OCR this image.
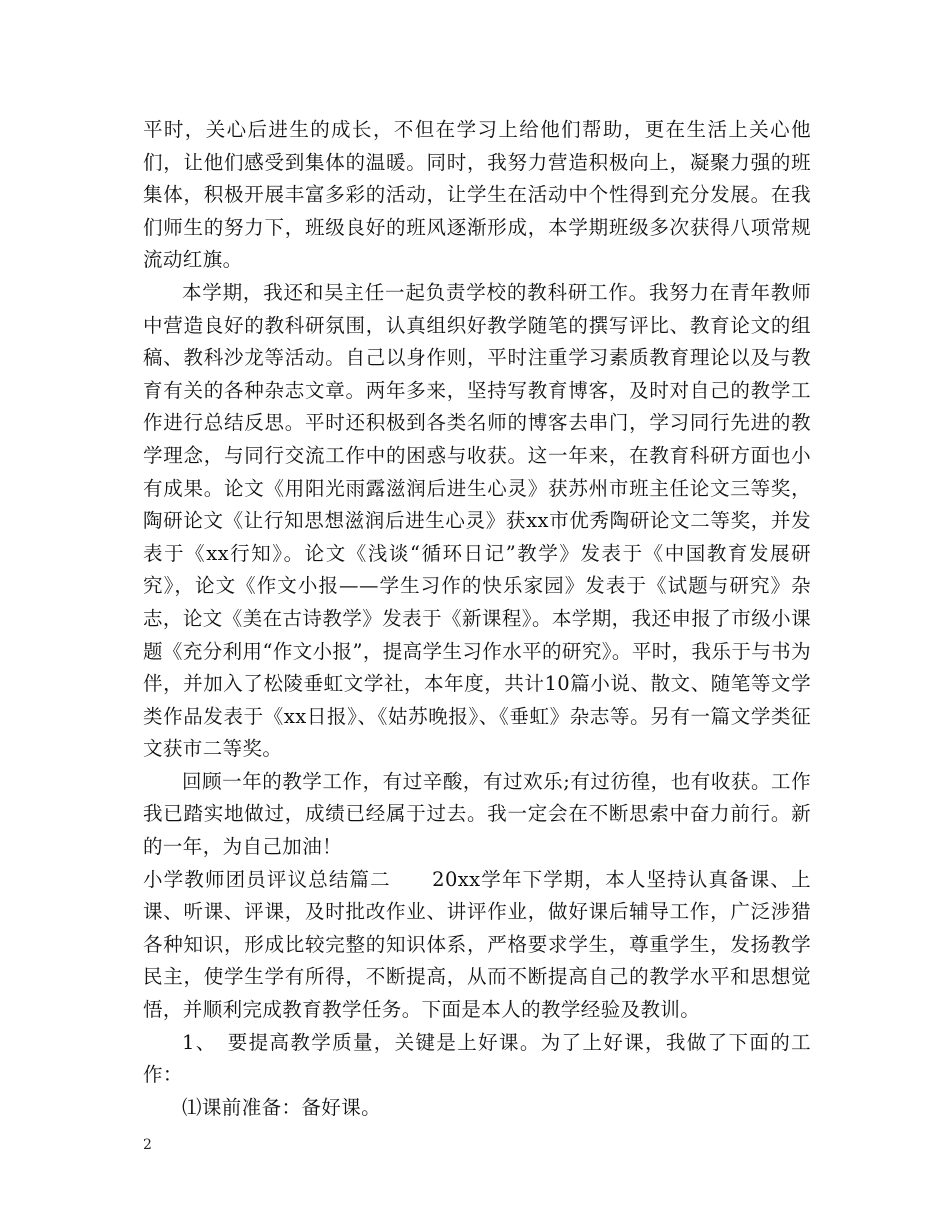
平时，关心后进生的成长，不但在学习上给他们帮助，更在生活上关心他们，让他们感受到集体的温暖。同时，我努力营造积极向上，凝聚力强的班集体，积极开展丰富多彩的活动，让学生在活动中个性得到充分发展。在我们师生的努力下，班级良好的班风逐渐形成，本学期班级多次获得八项常规流动红旗。

本学期，我还和吴主任一起负责学校的教科研工作。我努力在青年教师中营造良好的教科研氛围，认真组织好教学随笔的撰写评比、教育论文的组稿、教科沙龙等活动。自己以身作则，平时注重学习素质教育理论以及与教育有关的各种杂志文章。两年多来，坚持写教育博客，及时对自己的教学工作进行总结反思。平时还积极到各类名师的博客去串门，学习同行先进的教学理念，与同行交流工作中的困惑与收获。这一年来，在教育科研方面也小有成果。论文《用阳光雨露滋润后进生心灵》获苏州市班主任论文三等奖，陶研论文《让行知思想滋润后进生心灵》获xx市优秀陶研论文二等奖，并发表于《xx行知》。论文《浅谈“循环日记”教学》发表于《中国教育发展研究》，论文《作文小报——学生习作的快乐家园》发表于《试题与研究》杂志，论文《美在古诗教学》发表于《新课程》。本学期，我还申报了市级小课题《充分利用“作文小报”，提高学生习作水平的研究》。平时，我乐于与书为伴，并加入了松陵垂虹文学社，本年度，共计10篇小说、散文、随笔等文学类作品发表于《xx日报》、《姑苏晚报》、《垂虹》杂志等。另有一篇文学类征文获市二等奖。

回顾一年的教学工作，有过辛酸，有过欢乐;有过彷徨，也有收获。工作我已踏实地做过，成绩已经属于过去。我一定会在不断思索中奋力前行。新的一年，为自己加油！

小学教师团员评议总结篇二　　20xx学年下学期，本人坚持认真备课、上课、听课、评课，及时批改作业、讲评作业，做好课后辅导工作，广泛涉猎各种知识，形成比较完整的知识体系，严格要求学生，尊重学生，发扬教学民主，使学生学有所得，不断提高，从而不断提高自己的教学水平和思想觉悟，并顺利完成教育教学任务。下面是本人的教学经验及教训。

1、　要提高教学质量，关键是上好课。为了上好课，我做了下面的工作：

⑴课前准备：备好课。

2
